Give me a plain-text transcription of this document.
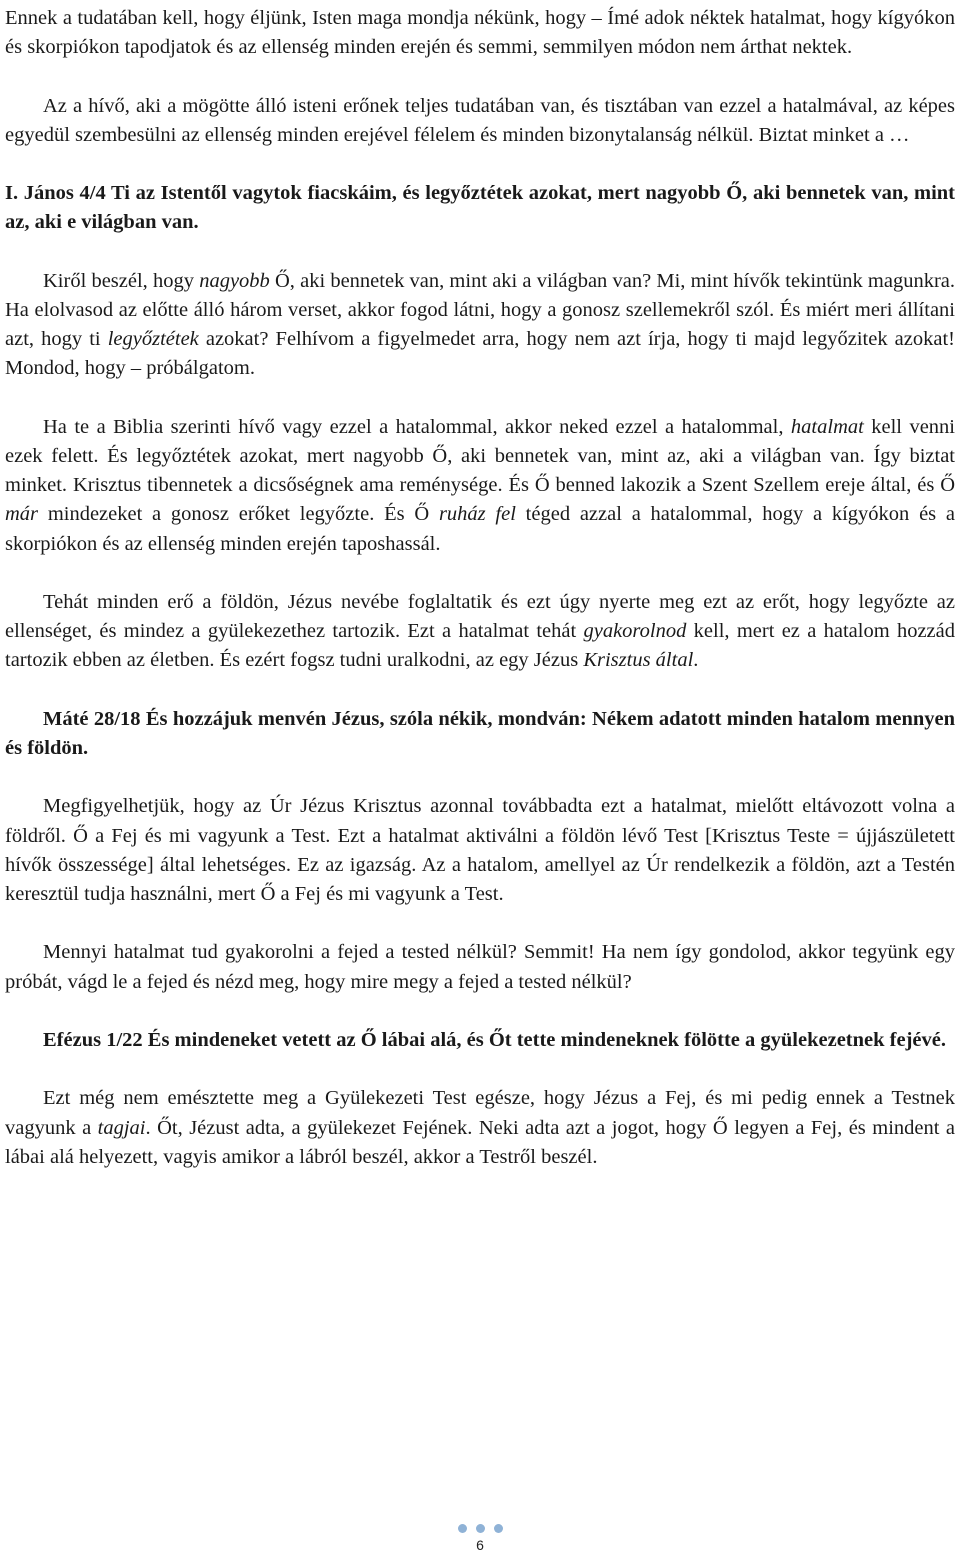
Ennek a tudatában kell, hogy éljünk, Isten maga mondja nékünk, hogy – Ímé adok néktek hatalmat, hogy kígyókon és skorpiókon tapodjatok és az ellenség minden erején és semmi, semmilyen módon nem árthat nektek.

Az a hívő, aki a mögötte álló isteni erőnek teljes tudatában van, és tisztában van ezzel a hatalmával, az képes egyedül szembesülni az ellenség minden erejével félelem és minden bizonytalanság nélkül. Biztat minket a …

I. János 4/4 Ti az Istentől vagytok fiacskáim, és legyőztétek azokat, mert nagyobb Ő, aki bennetek van, mint az, aki e világban van.

Kiről beszél, hogy nagyobb Ő, aki bennetek van, mint aki a világban van? Mi, mint hívők tekintünk magunkra. Ha elolvasod az előtte álló három verset, akkor fogod látni, hogy a gonosz szellemekről szól. És miért meri állítani azt, hogy ti legyőztétek azokat? Felhívom a figyelmedet arra, hogy nem azt írja, hogy ti majd legyőzitek azokat! Mondod, hogy – próbálgatom.

Ha te a Biblia szerinti hívő vagy ezzel a hatalommal, akkor neked ezzel a hatalommal, hatalmat kell venni ezek felett. És legyőztétek azokat, mert nagyobb Ő, aki bennetek van, mint az, aki a világban van. Így biztat minket. Krisztus tibennetek a dicsőségnek ama reménysége. És Ő benned lakozik a Szent Szellem ereje által, és Ő már mindezeket a gonosz erőket legyőzte. És Ő ruház fel téged azzal a hatalommal, hogy a kígyókon és a skorpiókon és az ellenség minden erején taposhassál.

Tehát minden erő a földön, Jézus nevébe foglaltatik és ezt úgy nyerte meg ezt az erőt, hogy legyőzte az ellenséget, és mindez a gyülekezethez tartozik. Ezt a hatalmat tehát gyakorolnod kell, mert ez a hatalom hozzád tartozik ebben az életben. És ezért fogsz tudni uralkodni, az egy Jézus Krisztus által.

Máté 28/18 És hozzájuk menvén Jézus, szóla nékik, mondván: Nékem adatott minden hatalom mennyen és földön.

Megfigyelhetjük, hogy az Úr Jézus Krisztus azonnal továbbadta ezt a hatalmat, mielőtt eltávozott volna a földről. Ő a Fej és mi vagyunk a Test. Ezt a hatalmat aktiválni a földön lévő Test [Krisztus Teste = újjászületett hívők összessége] által lehetséges. Ez az igazság. Az a hatalom, amellyel az Úr rendelkezik a földön, azt a Testén keresztül tudja használni, mert Ő a Fej és mi vagyunk a Test.

Mennyi hatalmat tud gyakorolni a fejed a tested nélkül? Semmit! Ha nem így gondolod, akkor tegyünk egy próbát, vágd le a fejed és nézd meg, hogy mire megy a fejed a tested nélkül?

Efézus 1/22 És mindeneket vetett az Ő lábai alá, és Őt tette mindeneknek fölötte a gyülekezetnek fejévé.

Ezt még nem emésztette meg a Gyülekezeti Test egésze, hogy Jézus a Fej, és mi pedig ennek a Testnek vagyunk a tagjai. Őt, Jézust adta, a gyülekezet Fejének. Neki adta azt a jogot, hogy Ő legyen a Fej, és mindent a lábai alá helyezett, vagyis amikor a lábról beszél, akkor a Testről beszél.

6
